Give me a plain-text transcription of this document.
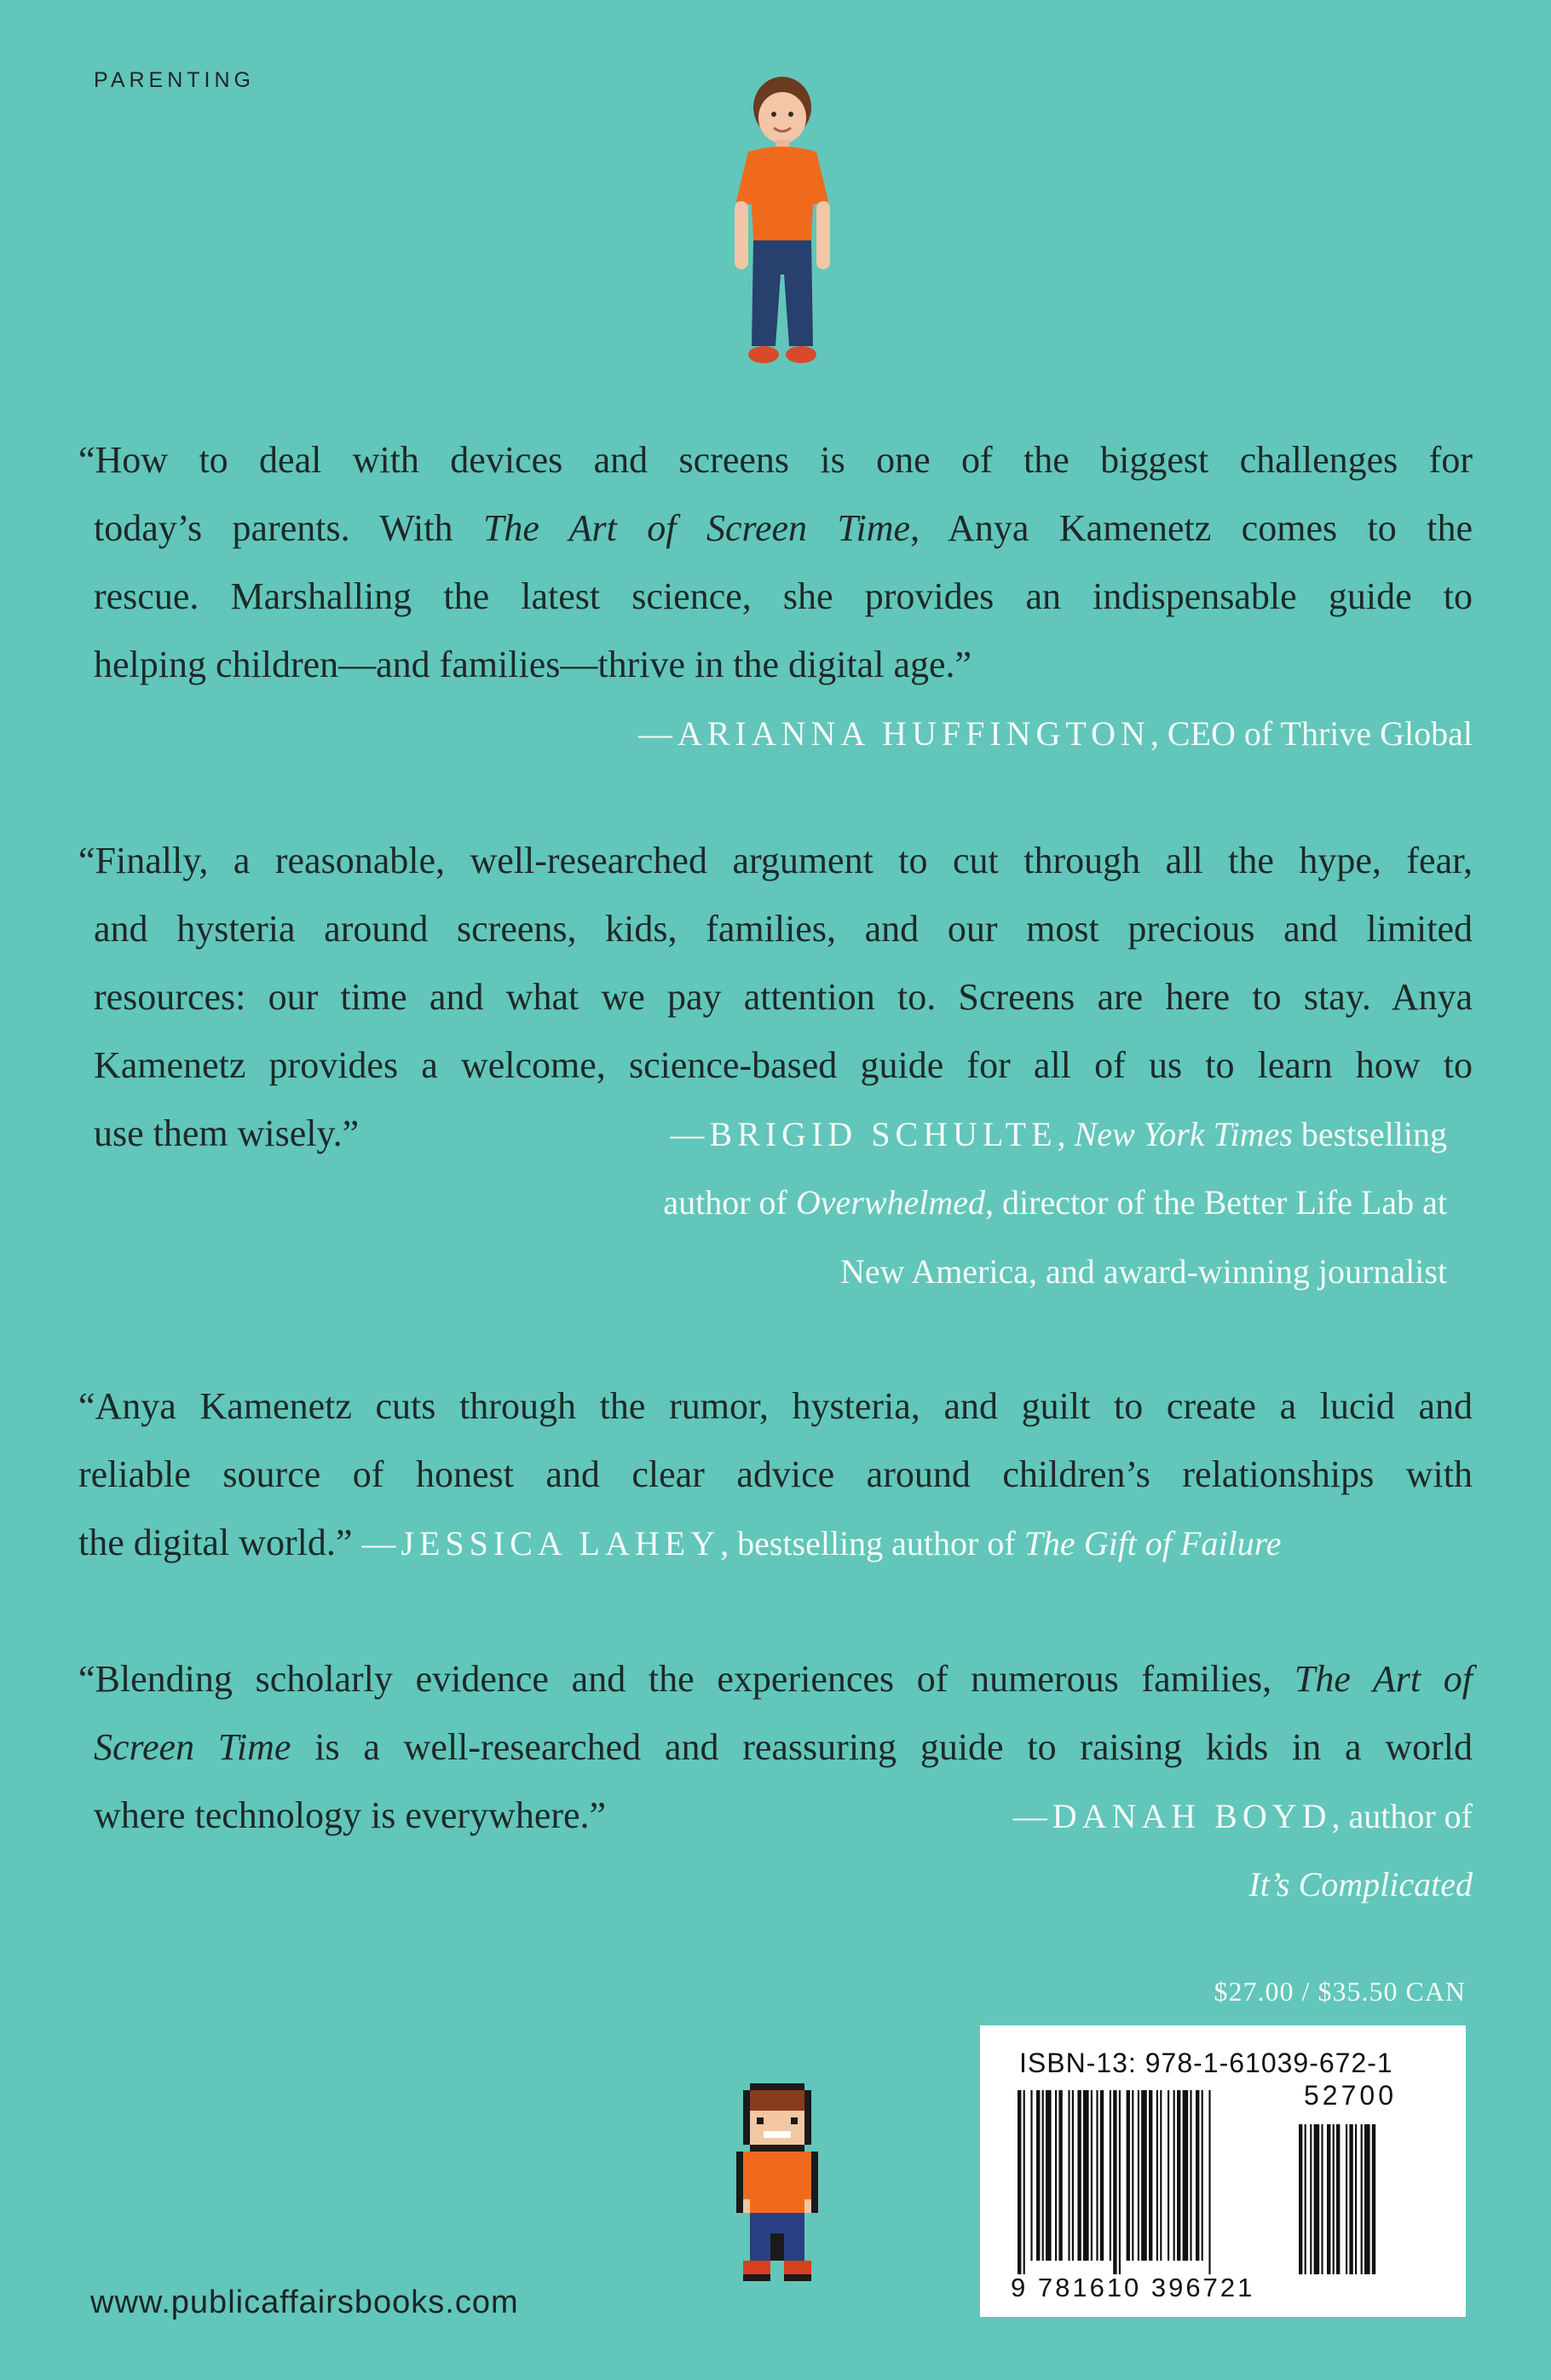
PARENTING
“How to deal with devices and screens is one of the biggest challenges for
today’s parents. With The Art of Screen Time, Anya Kamenetz comes to the
rescue. Marshalling the latest science, she provides an indispensable guide to
helping children—and families—thrive in the digital age.”
—ARIANNA HUFFINGTON, CEO of Thrive Global
“Finally, a reasonable, well-researched argument to cut through all the hype, fear,
and hysteria around screens, kids, families, and our most precious and limited
resources: our time and what we pay attention to. Screens are here to stay. Anya
Kamenetz provides a welcome, science-based guide for all of us to learn how to
use them wisely.”	—BRIGID SCHULTE, New York Times bestselling
author of Overwhelmed, director of the Better Life Lab at
New America, and award-winning journalist
“Anya Kamenetz cuts through the rumor, hysteria, and guilt to create a lucid and
reliable source of honest and clear advice around children’s relationships with
the digital world.” —JESSICA LAHEY, bestselling author of The Gift of Failure
“Blending scholarly evidence and the experiences of numerous families, The Art of
Screen Time is a well-researched and reassuring guide to raising kids in a world
where technology is everywhere.”	—DANAH BOYD, author of
It’s Complicated
$27.00 / $35.50 CAN
ISBN-13: 978-1-61039-672-1
52700
9 781610 396721
www.publicaffairsbooks.com
